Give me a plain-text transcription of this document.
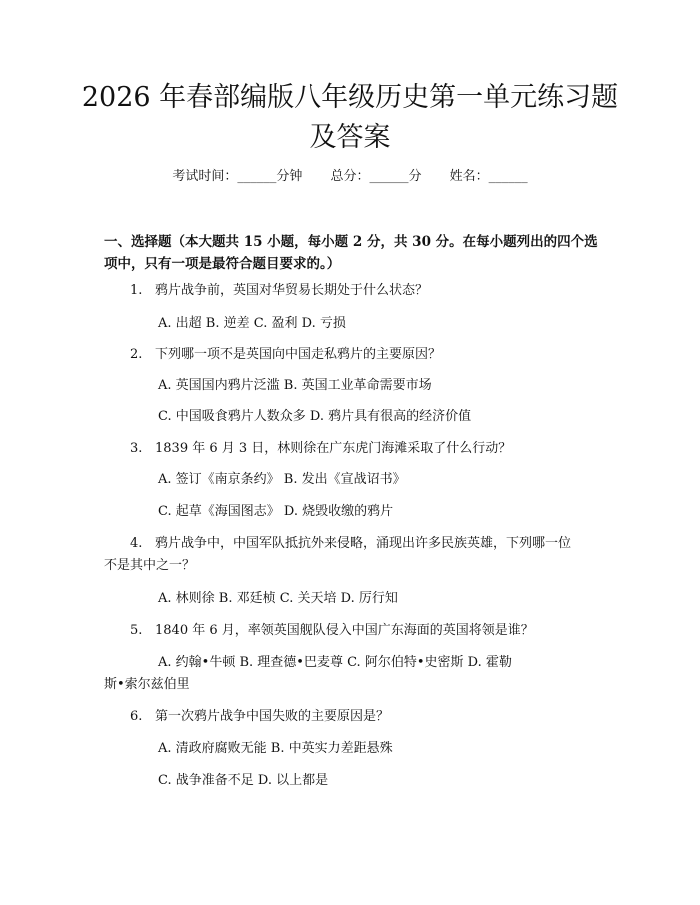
2026 年春部编版八年级历史第一单元练习题
及答案
考试时间：______分钟 总分：______分 姓名：______

一、选择题（本大题共 15 小题，每小题 2 分，共 30 分。在每小题列出的四个选项中，只有一项是最符合题目要求的。）

1. 鸦片战争前，英国对华贸易长期处于什么状态？

A. 出超 B. 逆差 C. 盈利 D. 亏损

2. 下列哪一项不是英国向中国走私鸦片的主要原因？

A. 英国国内鸦片泛滥 B. 英国工业革命需要市场

C. 中国吸食鸦片人数众多 D. 鸦片具有很高的经济价值

3. 1839 年 6 月 3 日，林则徐在广东虎门海滩采取了什么行动？

A. 签订《南京条约》 B. 发出《宣战诏书》

C. 起草《海国图志》 D. 烧毁收缴的鸦片

4. 鸦片战争中，中国军队抵抗外来侵略，涌现出许多民族英雄，下列哪一位
不是其中之一？

A. 林则徐 B. 邓廷桢 C. 关天培 D. 厉行知

5. 1840 年 6 月，率领英国舰队侵入中国广东海面的英国将领是谁？

A. 约翰•牛顿 B. 理查德•巴麦尊 C. 阿尔伯特•史密斯 D. 霍勒
斯•索尔兹伯里

6. 第一次鸦片战争中国失败的主要原因是？

A. 清政府腐败无能 B. 中英实力差距悬殊

C. 战争准备不足 D. 以上都是
